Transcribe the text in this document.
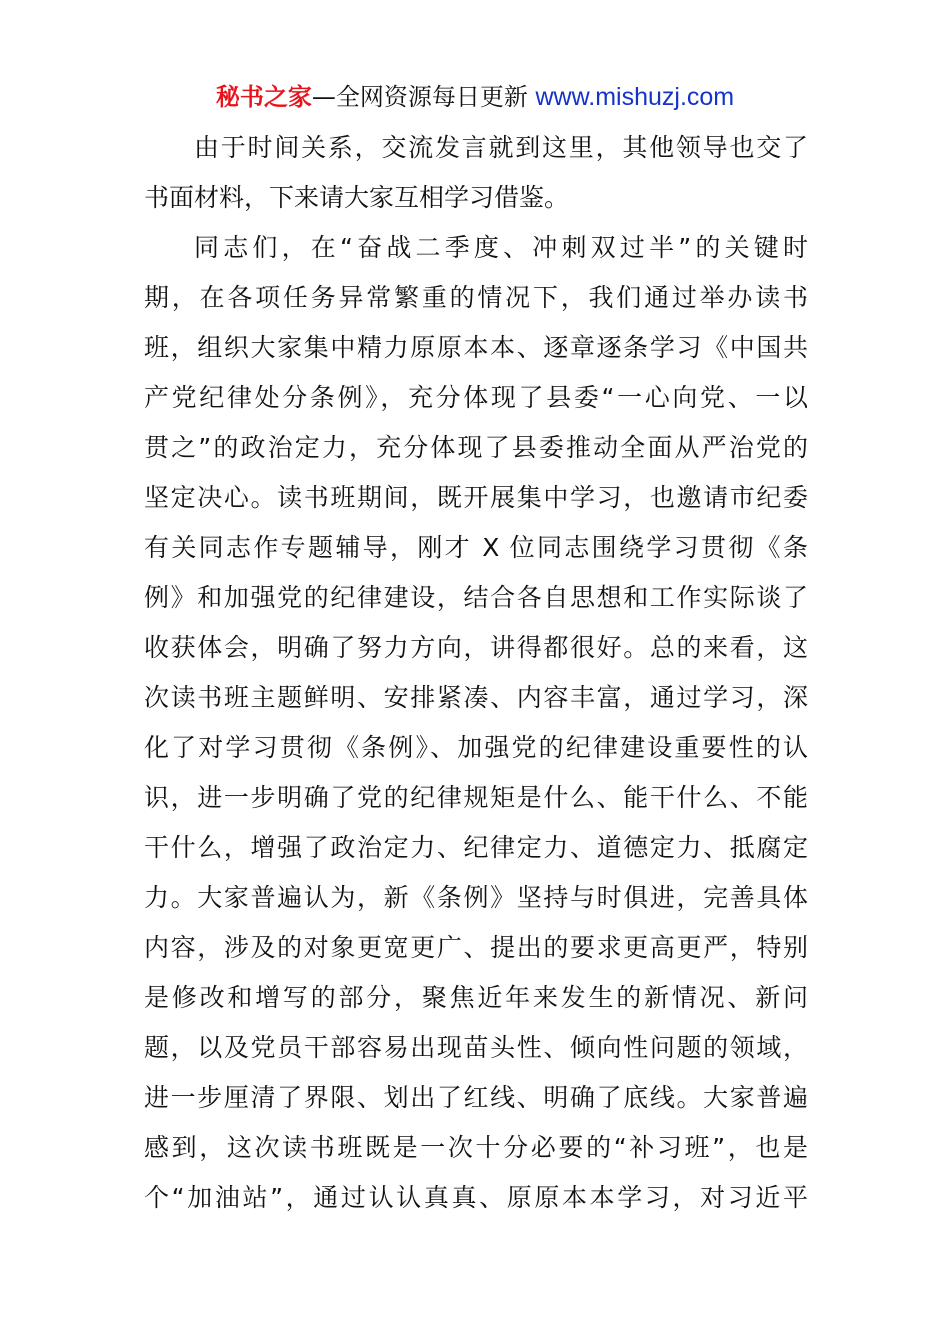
秘书之家—全网资源每日更新 www.mishuzj.com
由于时间关系，交流发言就到这里，其他领导也交了
书面材料，下来请大家互相学习借鉴。
同志们，在“奋战二季度、冲刺双过半”的关键时
期，在各项任务异常繁重的情况下，我们通过举办读书
班，组织大家集中精力原原本本、逐章逐条学习《中国共
产党纪律处分条例》，充分体现了县委“一心向党、一以
贯之”的政治定力，充分体现了县委推动全面从严治党的
坚定决心。读书班期间，既开展集中学习，也邀请市纪委
有关同志作专题辅导，刚才 X 位同志围绕学习贯彻《条
例》和加强党的纪律建设，结合各自思想和工作实际谈了
收获体会，明确了努力方向，讲得都很好。总的来看，这
次读书班主题鲜明、安排紧凑、内容丰富，通过学习，深
化了对学习贯彻《条例》、加强党的纪律建设重要性的认
识，进一步明确了党的纪律规矩是什么、能干什么、不能
干什么，增强了政治定力、纪律定力、道德定力、抵腐定
力。大家普遍认为，新《条例》坚持与时俱进，完善具体
内容，涉及的对象更宽更广、提出的要求更高更严，特别
是修改和增写的部分，聚焦近年来发生的新情况、新问
题，以及党员干部容易出现苗头性、倾向性问题的领域，
进一步厘清了界限、划出了红线、明确了底线。大家普遍
感到，这次读书班既是一次十分必要的“补习班”，也是
个“加油站”，通过认认真真、原原本本学习，对习近平
